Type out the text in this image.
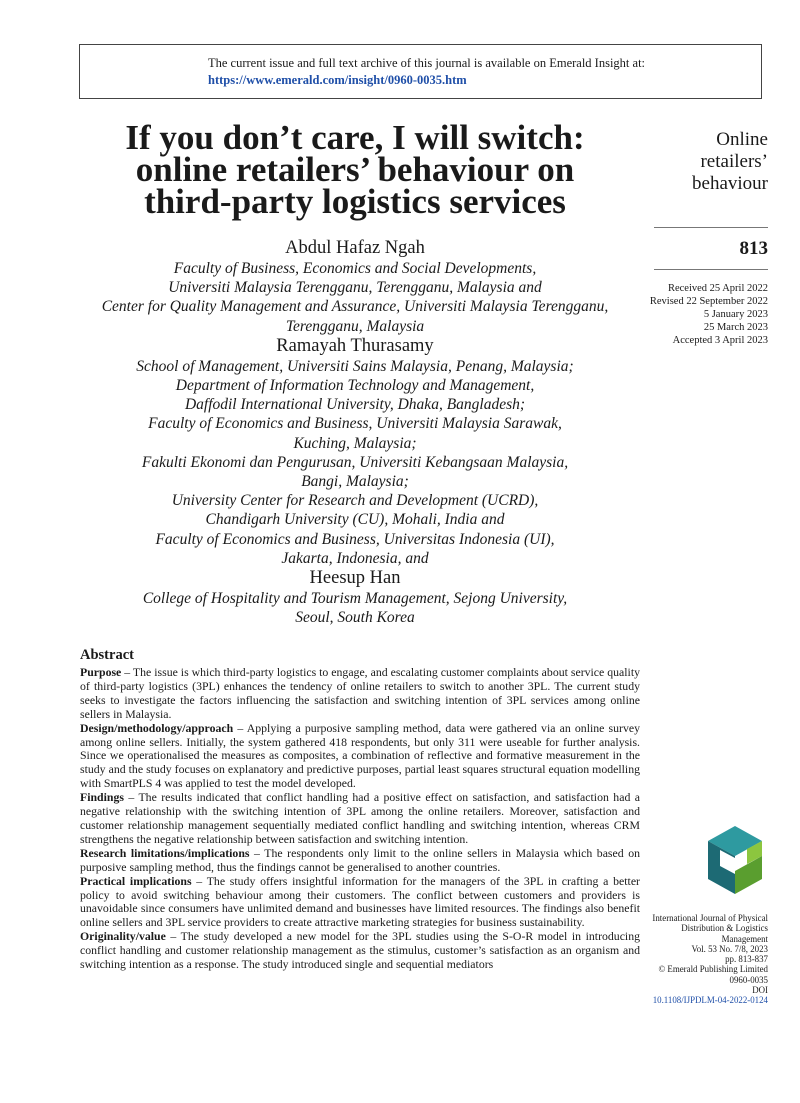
The current issue and full text archive of this journal is available on Emerald Insight at:
https://www.emerald.com/insight/0960-0035.htm
If you don’t care, I will switch:
online retailers’ behaviour on
third-party logistics services
Online
retailers’
behaviour
813
Received 25 April 2022
Revised 22 September 2022
5 January 2023
25 March 2023
Accepted 3 April 2023
Abdul Hafaz Ngah
Faculty of Business, Economics and Social Developments,
Universiti Malaysia Terengganu, Terengganu, Malaysia and
Center for Quality Management and Assurance, Universiti Malaysia Terengganu,
Terengganu, Malaysia
Ramayah Thurasamy
School of Management, Universiti Sains Malaysia, Penang, Malaysia;
Department of Information Technology and Management,
Daffodil International University, Dhaka, Bangladesh;
Faculty of Economics and Business, Universiti Malaysia Sarawak,
Kuching, Malaysia;
Fakulti Ekonomi dan Pengurusan, Universiti Kebangsaan Malaysia,
Bangi, Malaysia;
University Center for Research and Development (UCRD),
Chandigarh University (CU), Mohali, India and
Faculty of Economics and Business, Universitas Indonesia (UI),
Jakarta, Indonesia, and
Heesup Han
College of Hospitality and Tourism Management, Sejong University,
Seoul, South Korea
Abstract

Purpose – The issue is which third-party logistics to engage, and escalating customer complaints about service quality of third-party logistics (3PL) enhances the tendency of online retailers to switch to another 3PL. The current study seeks to investigate the factors influencing the satisfaction and switching intention of 3PL services among online sellers in Malaysia.

Design/methodology/approach – Applying a purposive sampling method, data were gathered via an online survey among online sellers. Initially, the system gathered 418 respondents, but only 311 were useable for further analysis. Since we operationalised the measures as composites, a combination of reflective and formative measurement in the study and the study focuses on explanatory and predictive purposes, partial least squares structural equation modelling with SmartPLS 4 was applied to test the model developed.

Findings – The results indicated that conflict handling had a positive effect on satisfaction, and satisfaction had a negative relationship with the switching intention of 3PL among the online retailers. Moreover, satisfaction and customer relationship management sequentially mediated conflict handling and switching intention, whereas CRM strengthens the negative relationship between satisfaction and switching intention.

Research limitations/implications – The respondents only limit to the online sellers in Malaysia which based on purposive sampling method, thus the findings cannot be generalised to another countries.

Practical implications – The study offers insightful information for the managers of the 3PL in crafting a better policy to avoid switching behaviour among their customers. The conflict between customers and providers is unavoidable since consumers have unlimited demand and businesses have limited resources. The findings also benefit online sellers and 3PL service providers to create attractive marketing strategies for business sustainability.

Originality/value – The study developed a new model for the 3PL studies using the S-O-R model in introducing conflict handling and customer relationship management as the stimulus, customer’s satisfaction as an organism and switching intention as a response. The study introduced single and sequential mediators

International Journal of Physical
Distribution & Logistics
Management
Vol. 53 No. 7/8, 2023
pp. 813-837
© Emerald Publishing Limited
0960-0035
DOI
10.1108/IJPDLM-04-2022-0124
